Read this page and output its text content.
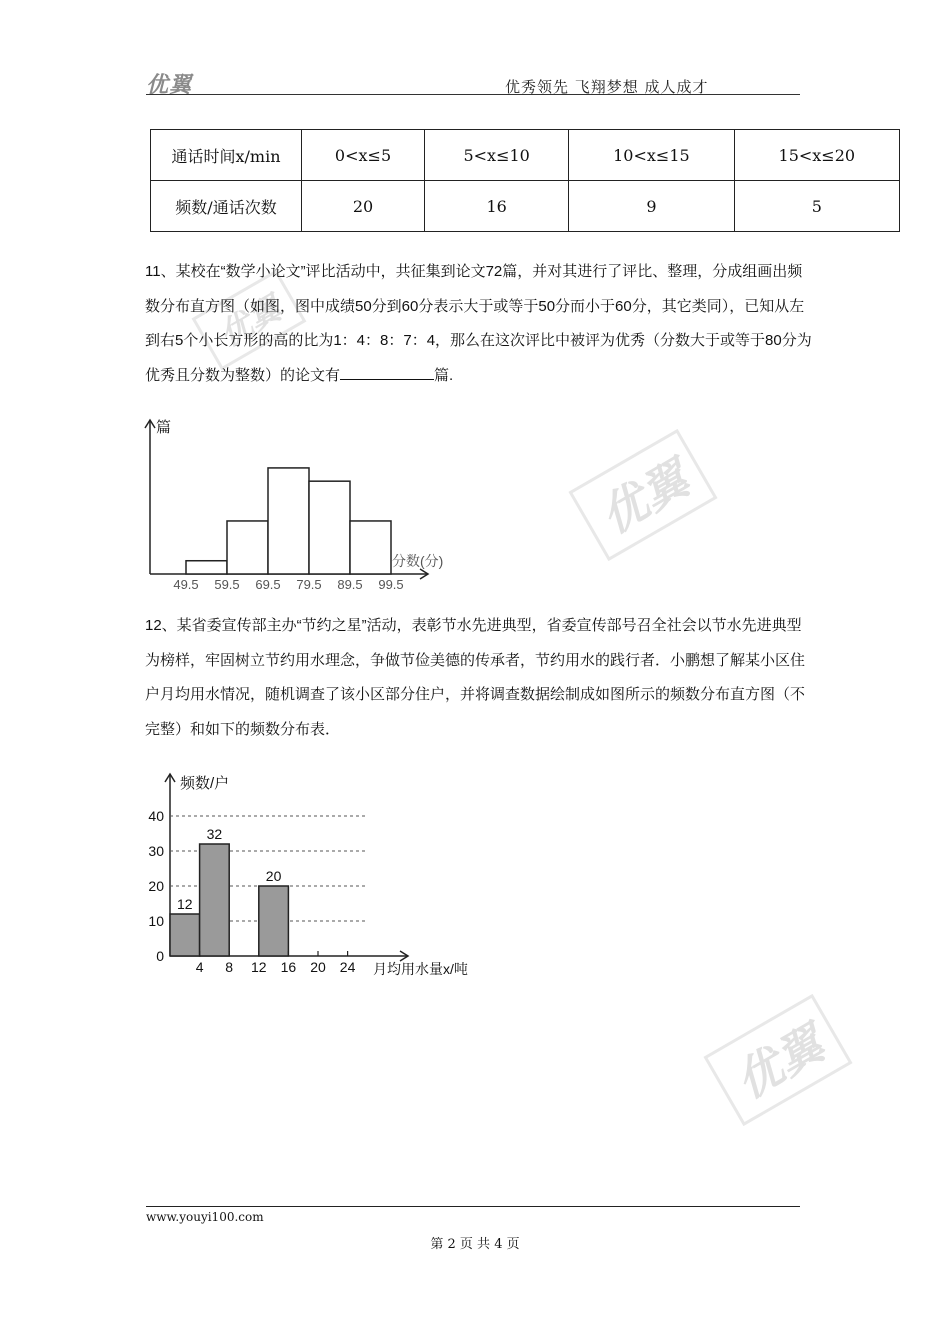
优翼	优秀领先 飞翔梦想 成人成才
优翼
优翼
优翼
通话时间x/min	0<x≤5	5<x≤10	10<x≤15	15<x≤20
频数/通话次数	20	16	9	5

11、某校在“数学小论文”评比活动中，共征集到论文72篇，并对其进行了评比、整理，分成组画出频数分布直方图（如图，图中成绩50分到60分表示大于或等于50分而小于60分，其它类同），已知从左到右5个小长方形的高的比为1：4：8：7：4，那么在这次评比中被评为优秀（分数大于或等于80分为优秀且分数为整数）的论文有	篇.

篇
分数(分)
49.5 59.5 69.5 79.5 89.5 99.5

12、某省委宣传部主办“节约之星”活动，表彰节水先进典型，省委宣传部号召全社会以节水先进典型为榜样，牢固树立节约用水理念，争做节俭美德的传承者，节约用水的践行者．小鹏想了解某小区住户月均用水情况，随机调查了该小区部分住户，并将调查数据绘制成如图所示的频数分布直方图（不完整）和如下的频数分布表．

频数/户
月均用水量x/吨
12
32
20
0
10
20
30
40
4 8 12 16 20 24
www.youyi100.com
第 2 页 共 4 页
